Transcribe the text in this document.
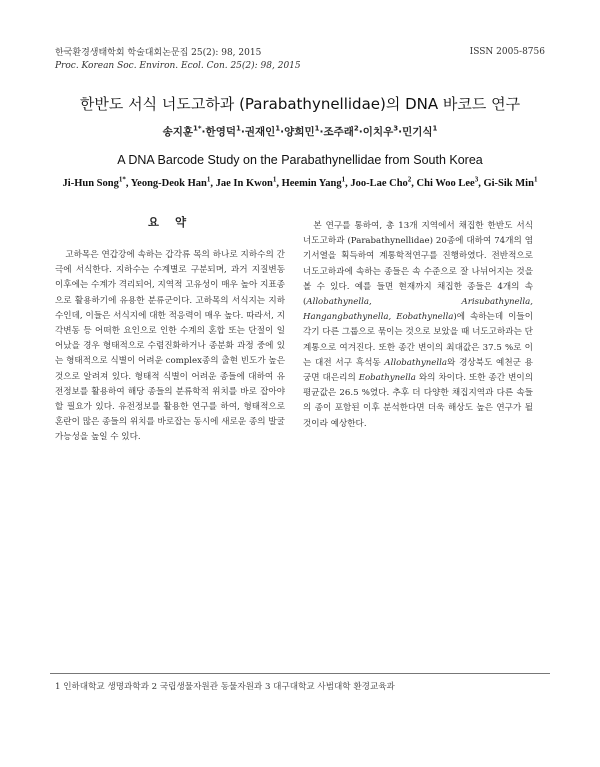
한국환경생태학회 학술대회논문집 25(2): 98, 2015
Proc. Korean Soc. Environ. Ecol. Con. 25(2): 98, 2015
ISSN 2005-8756
한반도 서식 너도고하과 (Parabathynellidae)의 DNA 바코드 연구
송지훈$^{1*}$·한영덕$^1$·권재인$^1$·양희민$^1$·조주래$^2$·이치우$^3$·민기식$^1$
A DNA Barcode Study on the Parabathynellidae from South Korea
Ji-Hun Song$^{1*}$, Yeong-Deok Han$^1$, Jae In Kwon$^1$, Heemin Yang$^1$, Joo-Lae Cho$^2$, Chi Woo Lee$^3$, Gi-Sik Min$^1$
요 약
고하목은 연갑강에 속하는 갑각류 목의 하나로 지하수의 간극에 서식한다. 지하수는 수계별로 구분되며, 과거 지질변동 이후에는 수계가 격리되어, 지역적 고유성이 매우 높아 지표종으로 활용하기에 유용한 분류군이다. 고하목의 서식지는 지하수인데, 이들은 서식지에 대한 적응력이 매우 높다. 따라서, 지각변동 등 어떠한 요인으로 인한 수계의 혼합 또는 단절이 일어났을 경우 형태적으로 수렴진화하거나 종분화 과정 중에 있는 형태적으로 식별이 어려운 complex종의 출현 빈도가 높은 것으로 알려져 있다. 형태적 식별이 어려운 종들에 대하여 유전정보를 활용하여 해당 종들의 분류학적 위치를 바로 잡아야 할 필요가 있다. 유전정보를 활용한 연구를 하여, 형태적으로 혼란이 많은 종들의 위치를 바로잡는 동시에 새로운 종의 발굴 가능성을 높일 수 있다.
본 연구를 통하여, 총 13개 지역에서 채집한 한반도 서식 너도고하과 (Parabathynellidae) 20종에 대하여 74개의 염기서열을 획득하여 계통학적연구를 진행하였다. 전반적으로 너도고하과에 속하는 종들은 속 수준으로 잘 나뉘어지는 것을 볼 수 있다. 예를 들면 현재까지 채집한 종들은 4개의 속 (Allobathynella, Arisubathynella, Hangangbathynella, Eobathynella)에 속하는데 이들이 각기 다른 그룹으로 묶이는 것으로 보았을 때 너도고하과는 단계통으로 여겨진다. 또한 종간 변이의 최대값은 37.5 %로 이는 대전 서구 흑석동 Allobathynella와 경상북도 예천군 용궁면 대은리의 Eobathynella 와의 차이다. 또한 종간 변이의 평균값은 26.5 %였다. 추후 더 다양한 채집지역과 다른 속들의 종이 포함된 이후 분석한다면 더욱 해상도 높은 연구가 될 것이라 예상한다.
1 인하대학교 생명과학과 2 국립생물자원관 동물자원과 3 대구대학교 사범대학 환경교육과
